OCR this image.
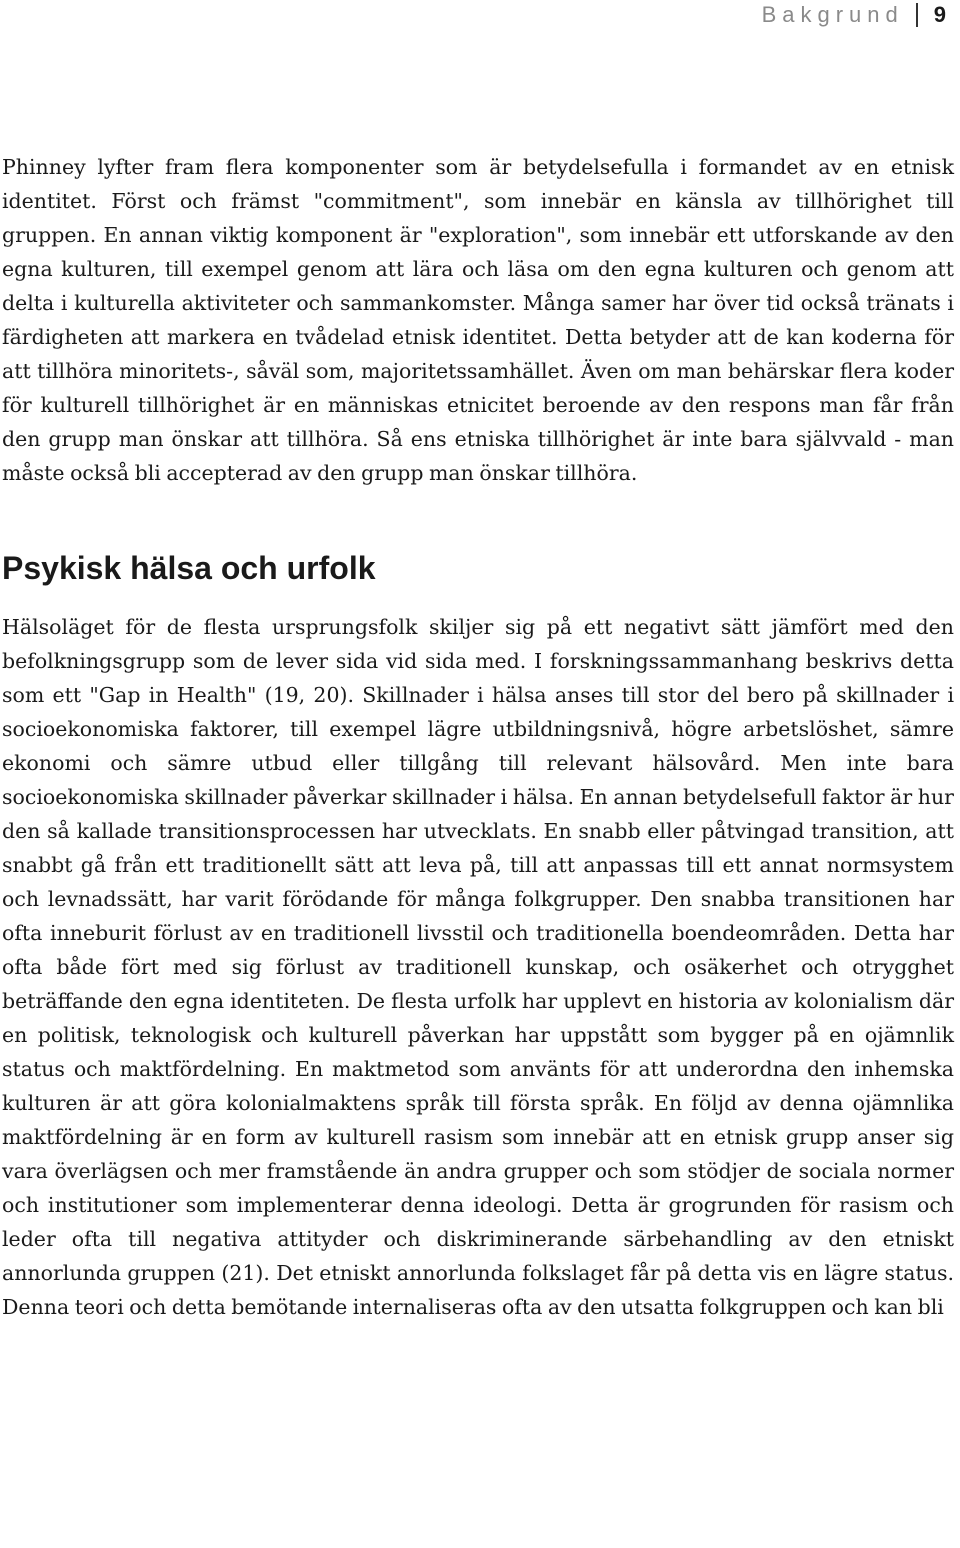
Bakgrund 9

Phinney lyfter fram flera komponenter som är betydelsefulla i formandet av en etnisk identitet. Först och främst "commitment", som innebär en känsla av tillhörighet till gruppen. En annan viktig komponent är "exploration", som innebär ett utforskande av den egna kulturen, till exempel genom att lära och läsa om den egna kulturen och genom att delta i kulturella aktiviteter och sammankomster. Många samer har över tid också tränats i färdigheten att markera en tvådelad etnisk identitet. Detta betyder att de kan koderna för att tillhöra minoritets-, såväl som, majoritetssamhället. Även om man behärskar flera koder för kulturell tillhörighet är en människas etnicitet beroende av den respons man får från den grupp man önskar att tillhöra. Så ens etniska tillhörighet är inte bara självvald - man måste också bli accepterad av den grupp man önskar tillhöra.

Psykisk hälsa och urfolk

Hälsoläget för de flesta ursprungsfolk skiljer sig på ett negativt sätt jämfört med den befolkningsgrupp som de lever sida vid sida med. I forskningssammanhang beskrivs detta som ett "Gap in Health" (19, 20). Skillnader i hälsa anses till stor del bero på skillnader i socioekonomiska faktorer, till exempel lägre utbildningsnivå, högre arbetslöshet, sämre ekonomi och sämre utbud eller tillgång till relevant hälsovård. Men inte bara socioekonomiska skillnader påverkar skillnader i hälsa. En annan betydelsefull faktor är hur den så kallade transitionsprocessen har utvecklats. En snabb eller påtvingad transition, att snabbt gå från ett traditionellt sätt att leva på, till att anpassas till ett annat normsystem och levnadssätt, har varit förödande för många folkgrupper. Den snabba transitionen har ofta inneburit förlust av en traditionell livsstil och traditionella boendeområden. Detta har ofta både fört med sig förlust av traditionell kunskap, och osäkerhet och otrygghet beträffande den egna identiteten. De flesta urfolk har upplevt en historia av kolonialism där en politisk, teknologisk och kulturell påverkan har uppstått som bygger på en ojämnlik status och maktfördelning. En maktmetod som använts för att underordna den inhemska kulturen är att göra kolonialmaktens språk till första språk. En följd av denna ojämnlika maktfördelning är en form av kulturell rasism som innebär att en etnisk grupp anser sig vara överlägsen och mer framstående än andra grupper och som stödjer de sociala normer och institutioner som implementerar denna ideologi. Detta är grogrunden för rasism och leder ofta till negativa attityder och diskriminerande särbehandling av den etniskt annorlunda gruppen (21). Det etniskt annorlunda folkslaget får på detta vis en lägre status. Denna teori och detta bemötande internaliseras ofta av den utsatta folkgruppen och kan bli
